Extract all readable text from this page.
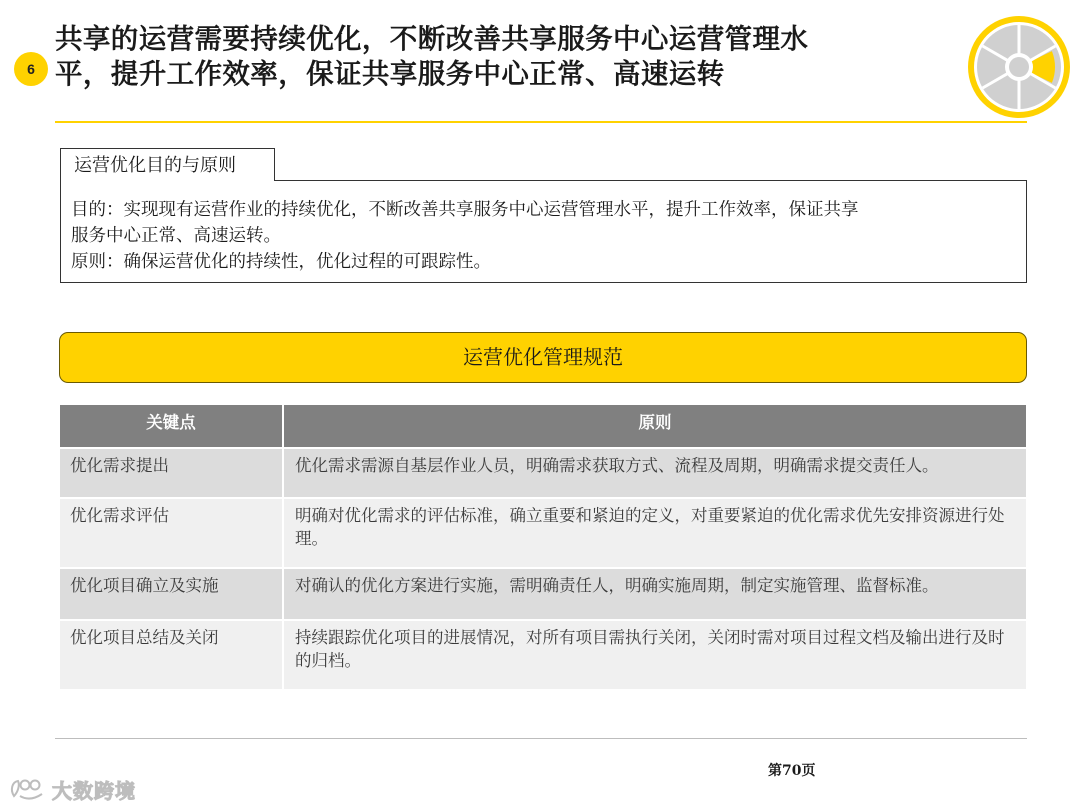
6
共享的运营需要持续优化，不断改善共享服务中心运营管理水
平，提升工作效率，保证共享服务中心正常、高速运转
运营优化目的与原则
目的：实现现有运营作业的持续优化，不断改善共享服务中心运营管理水平，提升工作效率，保证共享
服务中心正常、高速运转。
原则：确保运营优化的持续性，优化过程的可跟踪性。
运营优化管理规范
关键点	原则
优化需求提出	优化需求需源自基层作业人员，明确需求获取方式、流程及周期，明确需求提交责任人。
优化需求评估	明确对优化需求的评估标准，确立重要和紧迫的定义，对重要紧迫的优化需求优先安排资源进行处理。
优化项目确立及实施	对确认的优化方案进行实施，需明确责任人，明确实施周期，制定实施管理、监督标准。
优化项目总结及关闭	持续跟踪优化项目的进展情况，对所有项目需执行关闭，关闭时需对项目过程文档及输出进行及时的归档。
第70页
大数跨境
